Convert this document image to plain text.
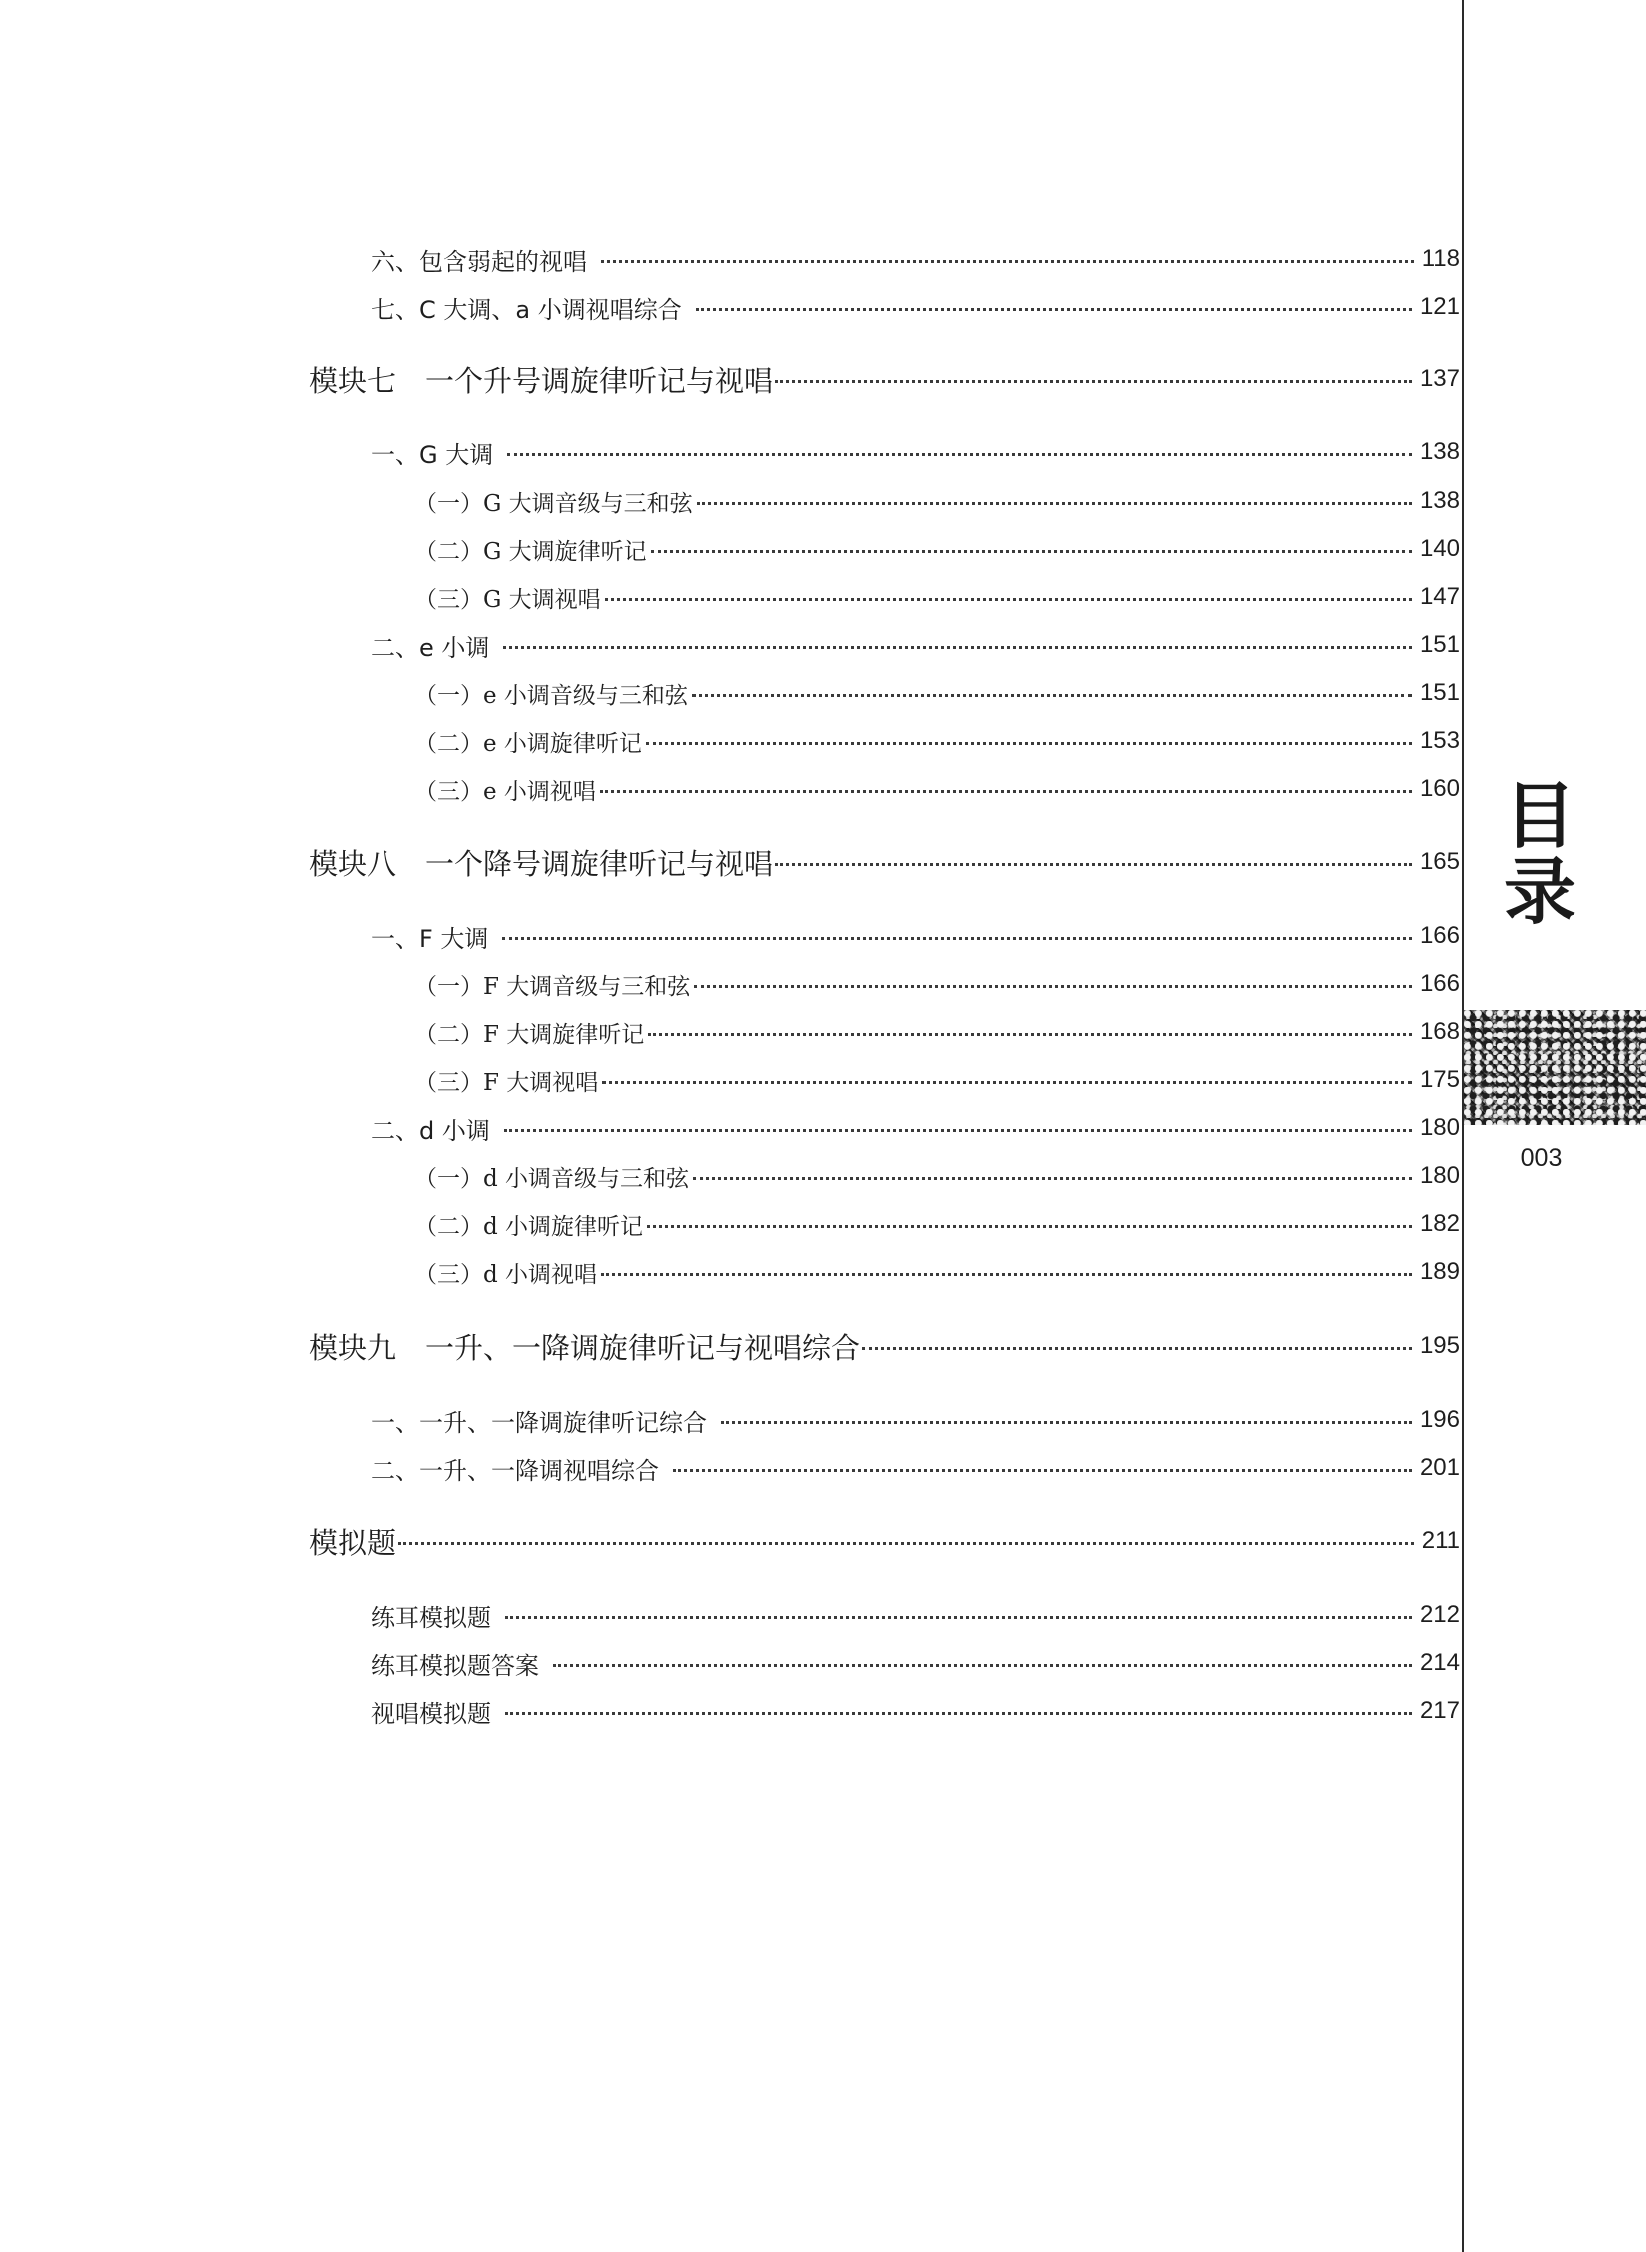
六、包含弱起的视唱	118
七、C 大调、a 小调视唱综合	121
模块七　一个升号调旋律听记与视唱	137
一、G 大调	138
（一）G 大调音级与三和弦	138
（二）G 大调旋律听记	140
（三）G 大调视唱	147
二、e 小调	151
（一）e 小调音级与三和弦	151
（二）e 小调旋律听记	153
（三）e 小调视唱	160
模块八　一个降号调旋律听记与视唱	165
一、F 大调	166
（一）F 大调音级与三和弦	166
（二）F 大调旋律听记	168
（三）F 大调视唱	175
二、d 小调	180
（一）d 小调音级与三和弦	180
（二）d 小调旋律听记	182
（三）d 小调视唱	189
模块九　一升、一降调旋律听记与视唱综合	195
一、一升、一降调旋律听记综合	196
二、一升、一降调视唱综合	201
模拟题	211
练耳模拟题	212
练耳模拟题答案	214
视唱模拟题	217
目
录
003
